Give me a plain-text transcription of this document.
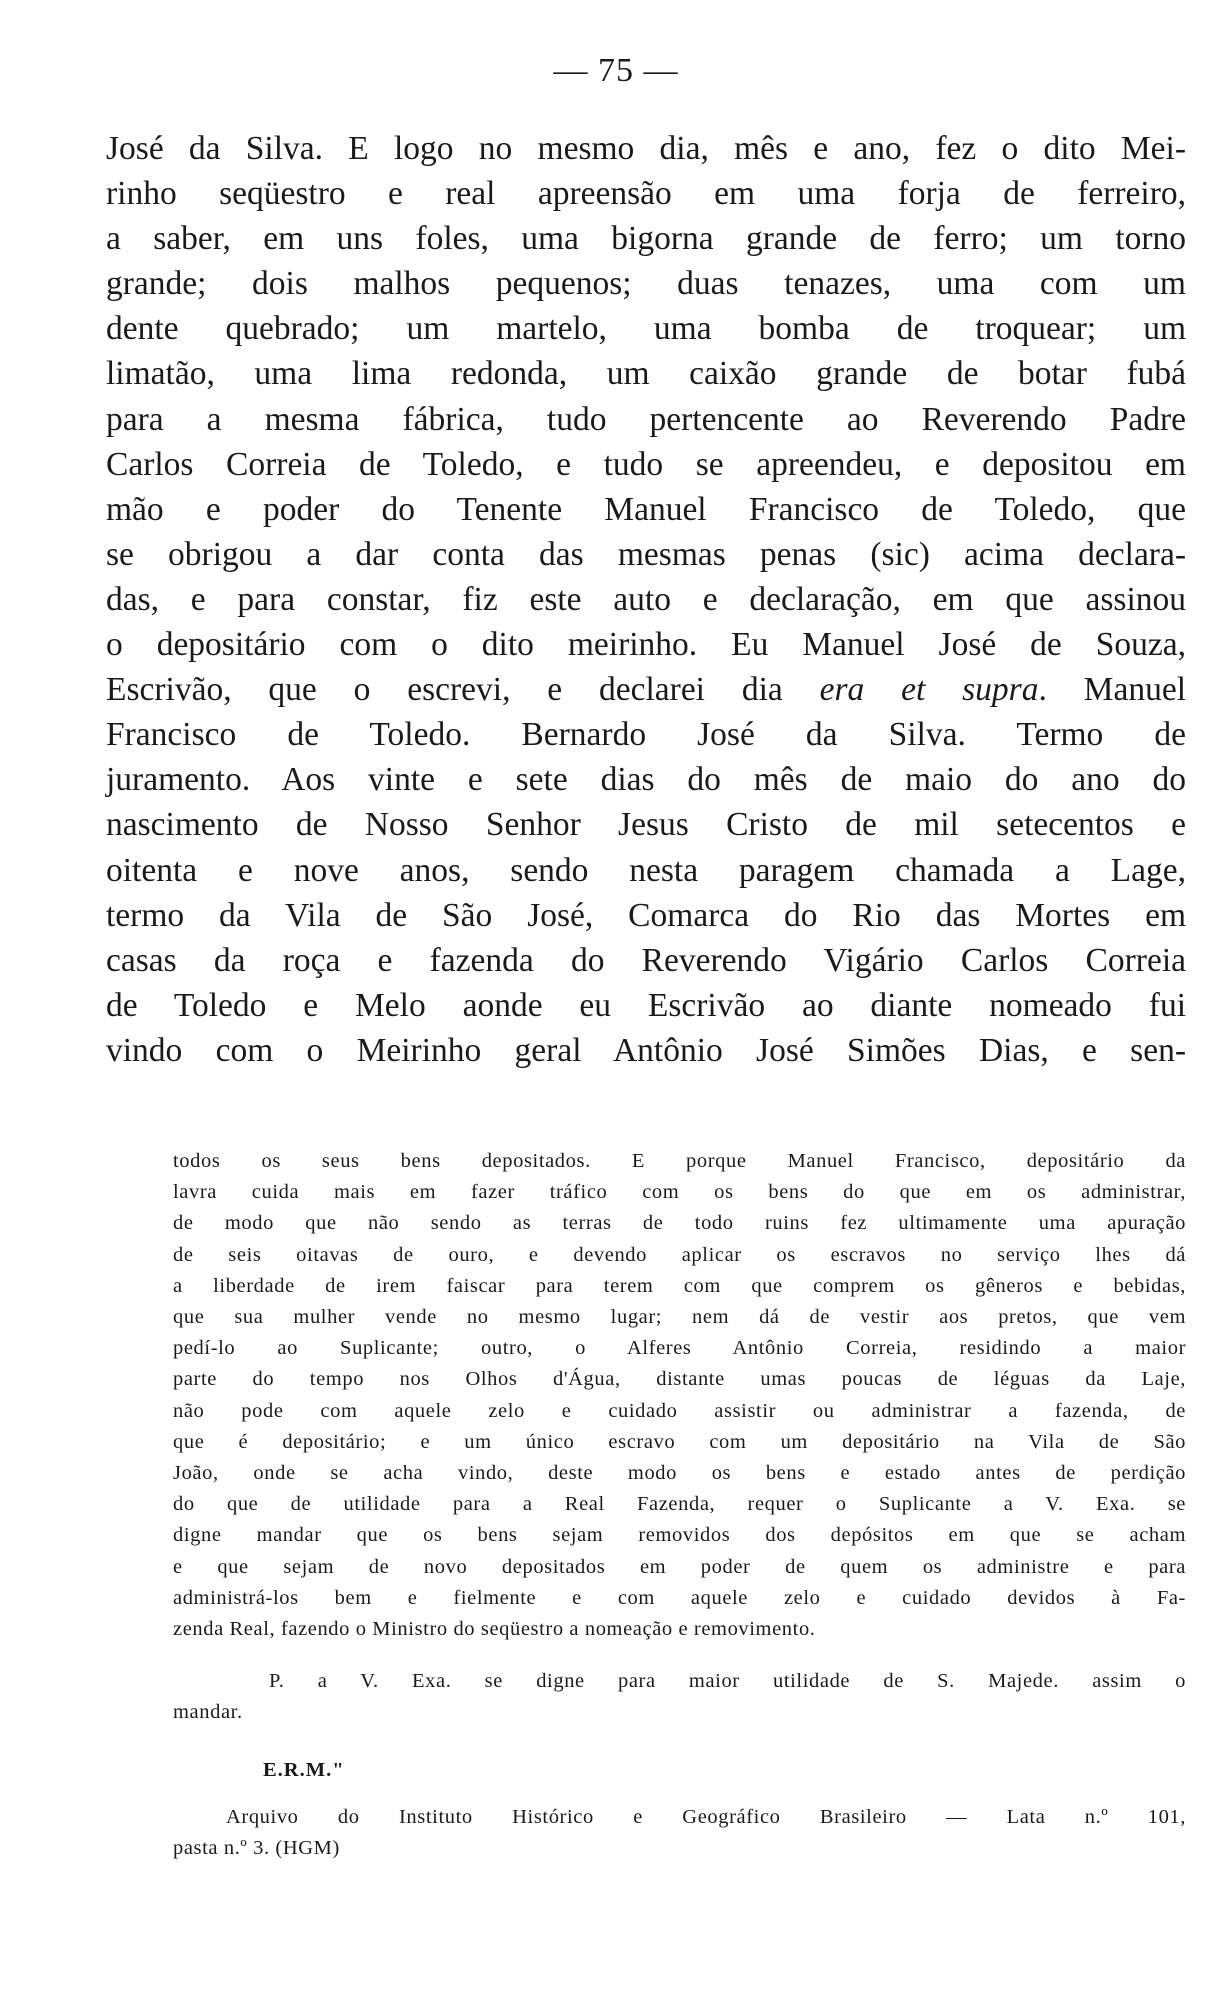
— 75 —
José da Silva. E logo no mesmo dia, mês e ano, fez o dito Mei-
rinho seqüestro e real apreensão em uma forja de ferreiro,
a saber, em uns foles, uma bigorna grande de ferro; um torno
grande; dois malhos pequenos; duas tenazes, uma com um
dente quebrado; um martelo, uma bomba de troquear; um
limatão, uma lima redonda, um caixão grande de botar fubá
para a mesma fábrica, tudo pertencente ao Reverendo Padre
Carlos Correia de Toledo, e tudo se apreendeu, e depositou em
mão e poder do Tenente Manuel Francisco de Toledo, que
se obrigou a dar conta das mesmas penas (sic) acima declara-
das, e para constar, fiz este auto e declaração, em que assinou
o depositário com o dito meirinho. Eu Manuel José de Souza,
Escrivão, que o escrevi, e declarei dia era et supra. Manuel
Francisco de Toledo. Bernardo José da Silva. Termo de
juramento. Aos vinte e sete dias do mês de maio do ano do
nascimento de Nosso Senhor Jesus Cristo de mil setecentos e
oitenta e nove anos, sendo nesta paragem chamada a Lage,
termo da Vila de São José, Comarca do Rio das Mortes em
casas da roça e fazenda do Reverendo Vigário Carlos Correia
de Toledo e Melo aonde eu Escrivão ao diante nomeado fui
vindo com o Meirinho geral Antônio José Simões Dias, e sen-
todos os seus bens depositados. E porque Manuel Francisco, depositário da
lavra cuida mais em fazer tráfico com os bens do que em os administrar,
de modo que não sendo as terras de todo ruins fez ultimamente uma apuração
de seis oitavas de ouro, e devendo aplicar os escravos no serviço lhes dá
a liberdade de irem faiscar para terem com que comprem os gêneros e bebidas,
que sua mulher vende no mesmo lugar; nem dá de vestir aos pretos, que vem
pedí-lo ao Suplicante; outro, o Alferes Antônio Correia, residindo a maior
parte do tempo nos Olhos d'Água, distante umas poucas de léguas da Laje,
não pode com aquele zelo e cuidado assistir ou administrar a fazenda, de
que é depositário; e um único escravo com um depositário na Vila de São
João, onde se acha vindo, deste modo os bens e estado antes de perdição
do que de utilidade para a Real Fazenda, requer o Suplicante a V. Exa. se
digne mandar que os bens sejam removidos dos depósitos em que se acham
e que sejam de novo depositados em poder de quem os administre e para
administrá-los bem e fielmente e com aquele zelo e cuidado devidos à Fa-
zenda Real, fazendo o Ministro do seqüestro a nomeação e removimento.
P. a V. Exa. se digne para maior utilidade de S. Majede. assim o
mandar.
E.R.M."
Arquivo do Instituto Histórico e Geográfico Brasileiro — Lata n.º 101,
pasta n.º 3. (HGM)
